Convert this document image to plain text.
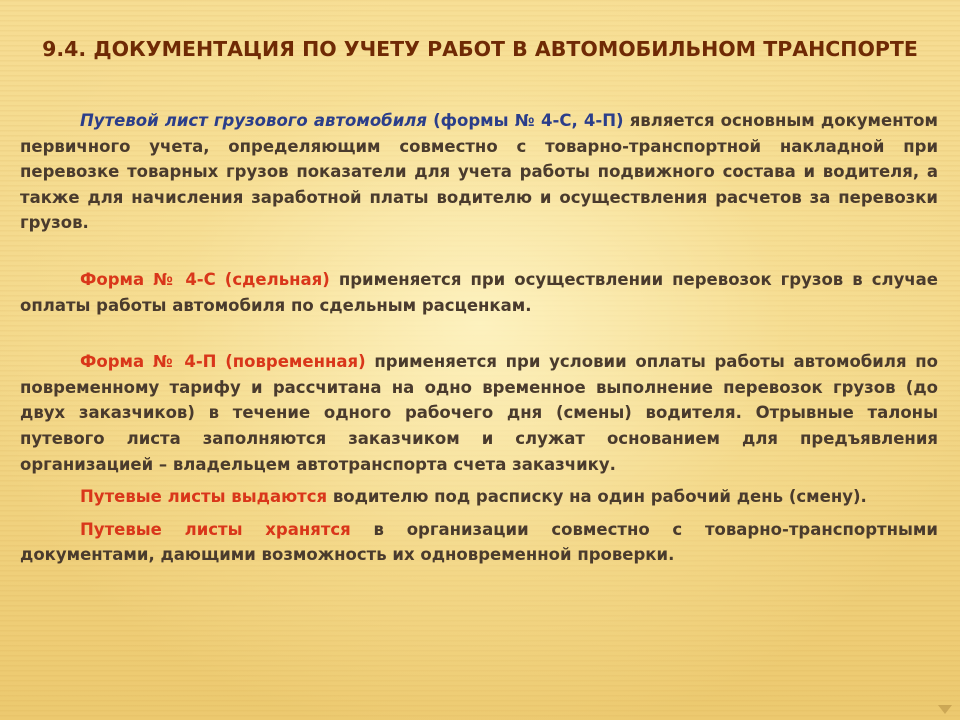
9.4. ДОКУМЕНТАЦИЯ ПО УЧЕТУ РАБОТ В АВТОМОБИЛЬНОМ ТРАНСПОРТЕ

Путевой лист грузового автомобиля (формы № 4-С, 4-П) является основным документом первичного учета, определяющим совместно с товарно-транспортной накладной при перевозке товарных грузов показатели для учета работы подвижного состава и водителя, а также для начисления заработной платы водителю и осуществления расчетов за перевозки грузов.

Форма № 4-С (сдельная) применяется при осуществлении перевозок грузов в случае оплаты работы автомобиля по сдельным расценкам.

Форма № 4-П (повременная) применяется при условии оплаты работы автомобиля по повременному тарифу и рассчитана на одно временное выполнение перевозок грузов (до двух заказчиков) в течение одного рабочего дня (смены) водителя. Отрывные талоны путевого листа заполняются заказчиком и служат основанием для предъявления организацией – владельцем автотранспорта счета заказчику.

Путевые листы выдаются водителю под расписку на один рабочий день (смену).

Путевые листы хранятся в организации совместно с товарно-транспортными документами, дающими возможность их одновременной проверки.
